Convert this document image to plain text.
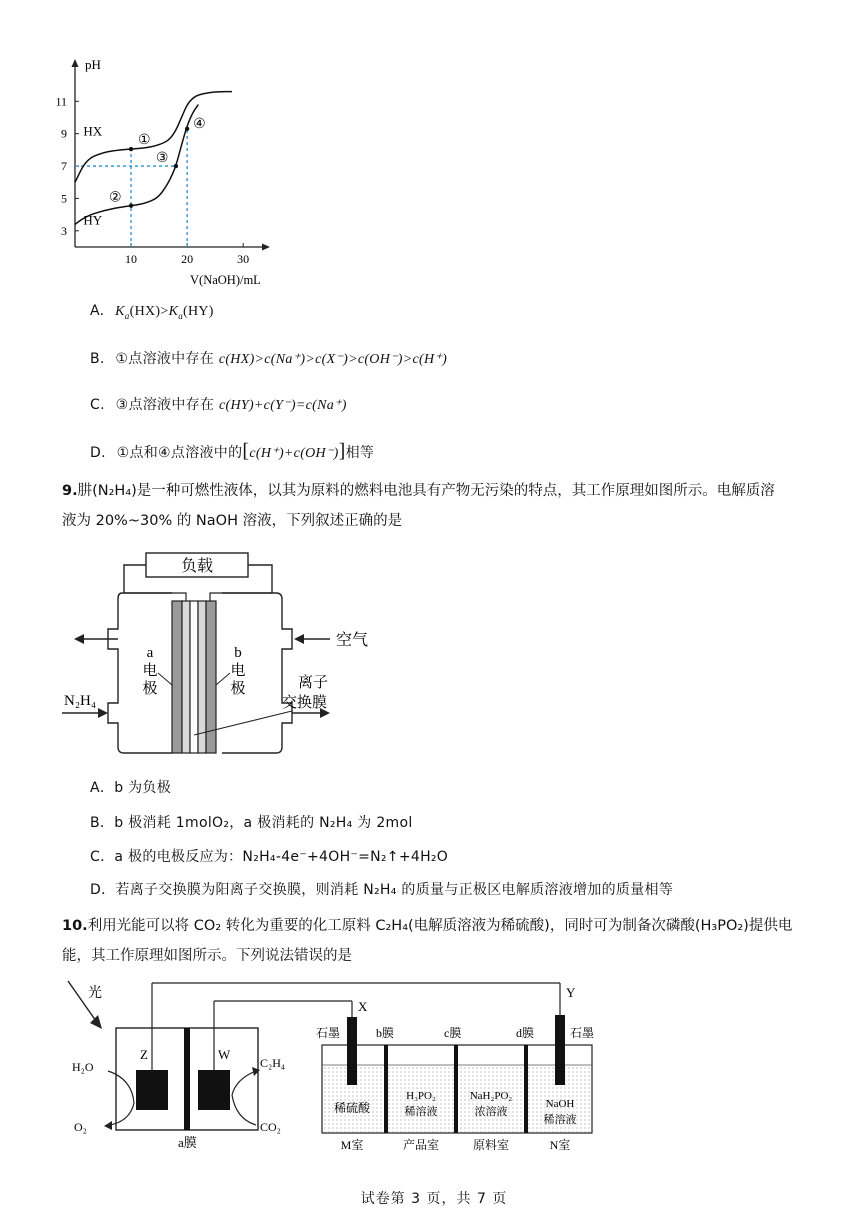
pH
V(NaOH)/mL
10	20	30
3
5
7
9
11
HX
HY
①
②
③
④
A. $K_a(HX)>K_a(HY)$
B. ①点溶液中存在 c(HX)>c(Na⁺)>c(X⁻)>c(OH⁻)>c(H⁺)
C. ③点溶液中存在 c(HY)+c(Y⁻)=c(Na⁺)
D. ①点和④点溶液中的[c(H⁺)+c(OH⁻)]相等
9.肼(N₂H₄)是一种可燃性液体，以其为原料的燃料电池具有产物无污染的特点，其工作原理如图所示。电解质溶
液为 20%~30% 的 NaOH 溶液，下列叙述正确的是
负载
空气
N₂H₄
a
电
极
b
电
极	离子
交换膜
A．b 为负极
B．b 极消耗 1molO₂，a 极消耗的 N₂H₄ 为 2mol
C．a 极的电极反应为：N₂H₄-4e⁻+4OH⁻=N₂↑+4H₂O
D．若离子交换膜为阳离子交换膜，则消耗 N₂H₄ 的质量与正极区电解质溶液增加的质量相等
10.利用光能可以将 CO₂ 转化为重要的化工原料 C₂H₄(电解质溶液为稀硫酸)，同时可为制备次磷酸(H₃PO₂)提供电
能，其工作原理如图所示。下列说法错误的是
光
Z	W
X
Y
H₂O
O₂
C₂H₄
CO₂
a膜
石墨	石墨
b膜	c膜	d膜
稀硫酸
H₃PO₂
稀溶液
NaH₂PO₂
浓溶液
NaOH
稀溶液
M室	产品室	原料室	N室
试卷第 3 页，共 7 页
